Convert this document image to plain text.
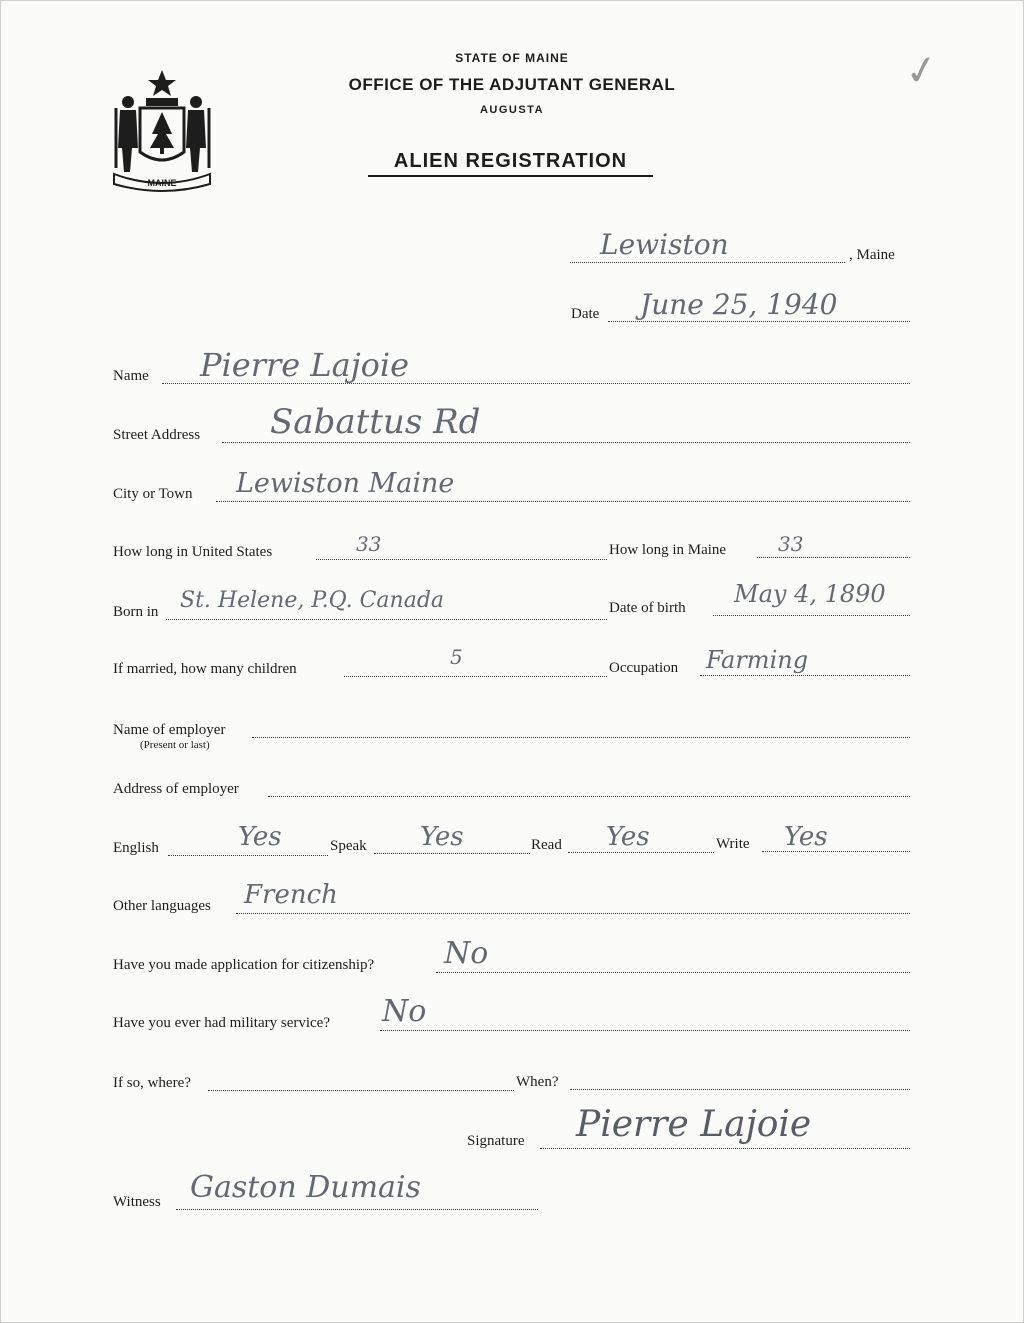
MAINE
STATE OF MAINE
OFFICE OF THE ADJUTANT GENERAL
AUGUSTA
ALIEN REGISTRATION
✓
Lewiston	, Maine
Date June 25, 1940
Name Pierre Lajoie
Street Address Sabattus Rd
City or Town Lewiston Maine
How long in United States	33	How long in Maine	33
Born in St. Helene, P.Q. Canada	Date of birth May 4, 1890
If married, how many children	5	Occupation Farming
Name of employer
(Present or last)
Address of employer
English	Yes	Speak Yes	Read Yes	Write Yes
Other languages French
Have you made application for citizenship? No
Have you ever had military service? No
If so, where?	When?
Signature Pierre Lajoie
Witness Gaston Dumais
